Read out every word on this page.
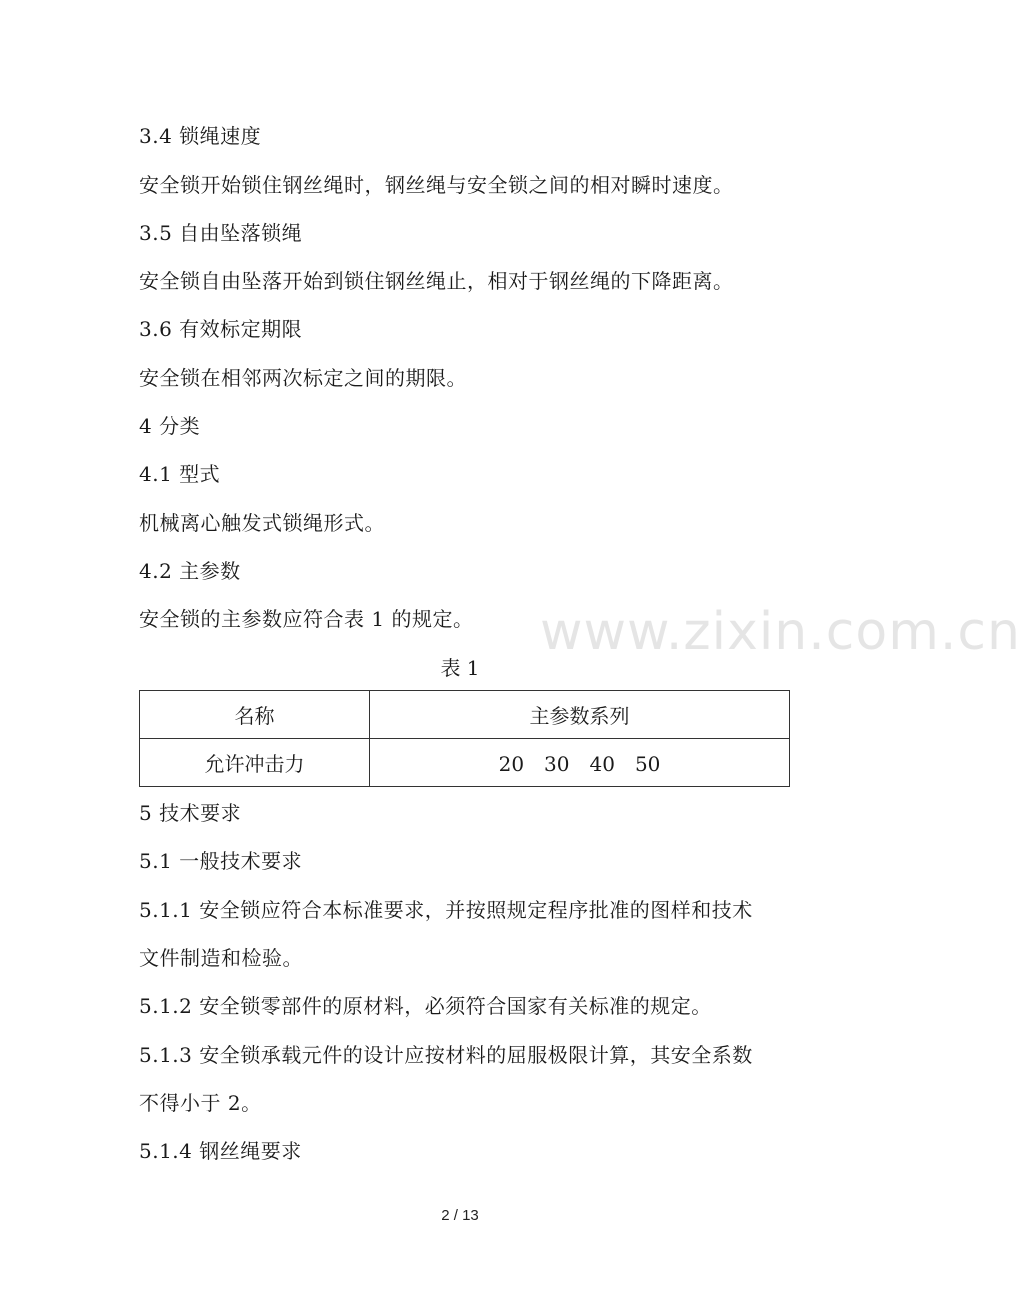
3.4 锁绳速度
安全锁开始锁住钢丝绳时，钢丝绳与安全锁之间的相对瞬时速度。
3.5 自由坠落锁绳
安全锁自由坠落开始到锁住钢丝绳止，相对于钢丝绳的下降距离。
3.6 有效标定期限
安全锁在相邻两次标定之间的期限。
4 分类
4.1 型式
机械离心触发式锁绳形式。
4.2 主参数
安全锁的主参数应符合表 1 的规定。 www.zixin.com.cn
表 1
名称	主参数系列
允许冲击力	20　30　40　50
5 技术要求
5.1 一般技术要求
5.1.1 安全锁应符合本标准要求，并按照规定程序批准的图样和技术
文件制造和检验。
5.1.2 安全锁零部件的原材料，必须符合国家有关标准的规定。
5.1.3 安全锁承载元件的设计应按材料的屈服极限计算，其安全系数
不得小于 2。
5.1.4 钢丝绳要求
2 / 13
